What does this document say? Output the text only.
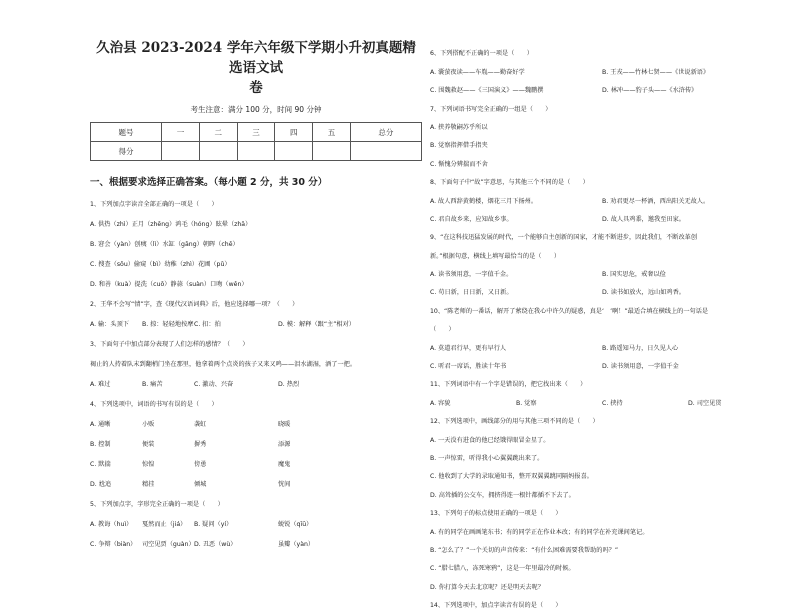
久治县 2023-2024 学年六年级下学期小升初真题精选语文试
卷
考生注意：满分 100 分，时间 90 分钟
题号	一	二	三	四	五	总分
得分						
一、根据要求选择正确答案。（每小题 2 分，共 30 分）
1、下列加点字读音全部正确的一项是（　　）
A. 供热（zhì）正月（zhēng）鸿毛（hóng）眩晕（zhā）
B. 窘会（yàn）创痍（lì）水缸（gāng）朝晖（chē）
C. 搜查（sōu）偷窥（bì）幼稚（zhì）花圃（pǔ）
D. 和善（kuà）提洗（cuō）静蒜（suàn）口吻（wěn）
2、王华不会写“情”字，查《现代汉语词典》后，他应选择哪一项？（　　）
A. 输：头顶下	B. 掠：轻轻地按摩 C. 扣：拍	D. 模：解释（跟“主”相对）
3、下面句子中加点部分表现了人们怎样的感情？（　　）
褐止的人持着队末到翻梢门坐在那里，他拿着两个点炎的孩子又来又鸣——泪水湖湿，酒了一把。
A. 难过	B. 痛苦	C. 激动、兴奋	D. 热烈
4、下列选项中，词语的书写有误的是（　　）
A. 通晰	小贩	袭虹	晓暖
B. 控制	便装	摒秀	添源
C. 默揣	惊惶	傍恿	魔鬼
D. 尬追	精挂	倾城	恍间
5、下列加点字，字形完全正确的一项是（　　）
A. 教诲（huì）	戛然而止（jiá）	B. 疑问（yí）	蜕锐（qīū）
C. 争辩（biàn） 司空见贾（guàn） D. 丑恶（wù）	虽瓣（yàn）
6、下列搭配不正确的一项是（　　）
A. 囊萤夜读——车胤——勤奋好学	B. 王戎——竹林七贤——《世说新语》
C. 围魏救赵——《三国演义》——魏鹏撰	D. 林冲——豹子头——《水浒传》
7、下列词语书写完全正确的一组是（　　）
A. 挟养敬嗣苏乎所以
B. 觉察指挥借手指夹
C. 惭愧分辨揣而不舍
8、下面句子中“故”字意思，与其他三个不同的是（　　）
A. 故人西辞黄鹤楼，烟花三月下扬州。	B. 劝君更尽一杯酒，西出阳关无故人。
C. 君自故乡来，应知故乡事。	D. 故人具鸡黍，邀我至田家。
9、“在这科技迅猛发展的时代，一个能够自主创新的国家，才能不断进步，因此我们，不断改革创
新。”根据句意，横线上填写最恰当的是（　　）
A. 读书须用意，一字值千金。	B. 国实思危，戒奢以俭
C. 苟日新，日日新，又日新。	D. 读书如放火，远山如鸡香。
10、“陈老师的一番话，解开了萦绕在我心中许久的疑惑，真是‘　’啊！”最适合填在横线上的一句话是
（　　）
A. 莫道君行早，更有早行人	B. 路遥知马力，日久见人心
C. 听君一席话，胜读十年书	D. 读书须用意，一字值千金
11、下列词语中有一个字是错误的，把它找出来（　　）
A. 容貌	B. 觉察	C. 挟持	D. 司空见贯
12、下列选项中，画线部分的用与其他三项不同的是（　　）
A. 一天没有进食的他已经饿得眼冒金星了。
B. 一声惊雷，听得我小心翼翼跳出来了。
C. 他收到了大学的录取通知书，整开双翼翼跳同隔妈报喜。
D. 高耸插的公交车，拥挤得连一根针都插不下去了。
13、下列句子的标点使用正确的一项是（　　）
A. 有的同学在画画笔东书；有的同学正在作业本改；有的同学在补充课间笔记。
B. “怎么了？”一个关切的声音传来：“有什么困难需要我帮助的吗？”
C. “腊七腊八，冻死寒鸦”，这是一年里最冷的时候。
D. 你打算今天去北京呢？还是明天去呢？
14、下列选项中，加点字读音有误的是（　　）
